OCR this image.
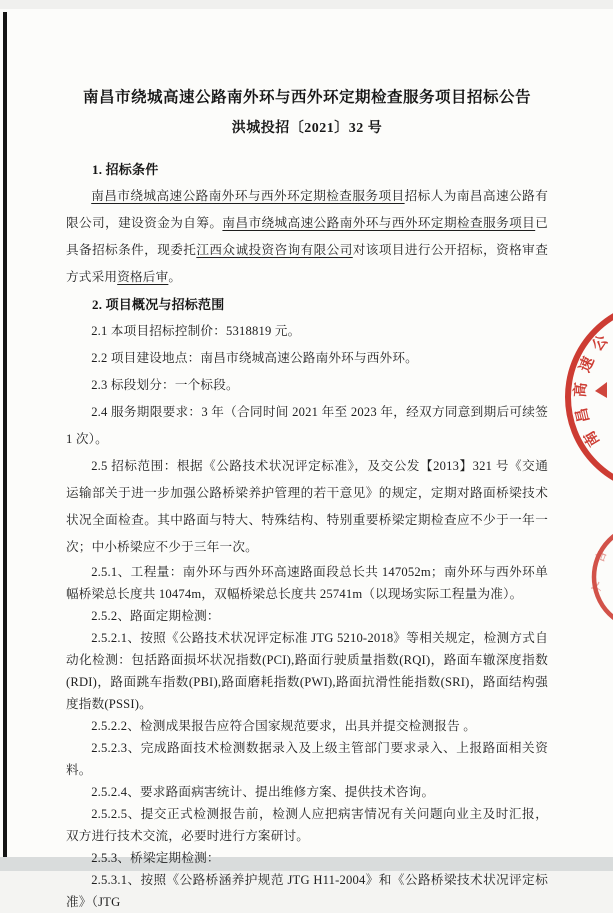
南昌市绕城高速公路南外环与西外环定期检查服务项目招标公告

洪城投招〔2021〕32 号

1. 招标条件

南昌市绕城高速公路南外环与西外环定期检查服务项目招标人为南昌高速公路有限公司，建设资金为自筹。南昌市绕城高速公路南外环与西外环定期检查服务项目已具备招标条件，现委托江西众诚投资咨询有限公司对该项目进行公开招标，资格审查方式采用资格后审。

2. 项目概况与招标范围

2.1 本项目招标控制价：5318819 元。

2.2 项目建设地点：南昌市绕城高速公路南外环与西外环。

2.3 标段划分：一个标段。

2.4 服务期限要求：3 年（合同时间 2021 年至 2023 年，经双方同意到期后可续签 1 次）。

2.5 招标范围：根据《公路技术状况评定标准》，及交公发【2013】321 号《交通运输部关于进一步加强公路桥梁养护管理的若干意见》的规定，定期对路面桥梁技术状况全面检查。其中路面与特大、特殊结构、特别重要桥梁定期检查应不少于一年一次；中小桥梁应不少于三年一次。

2.5.1、工程量：南外环与西外环高速路面段总长共 147052m；南外环与西外环单幅桥梁总长度共 10474m，双幅桥梁总长度共 25741m（以现场实际工程量为准）。

2.5.2、路面定期检测：

2.5.2.1、按照《公路技术状况评定标准 JTG 5210-2018》等相关规定，检测方式自动化检测：包括路面损坏状况指数(PCI),路面行驶质量指数(RQI)，路面车辙深度指数(RDI)，路面跳车指数(PBI),路面磨耗指数(PWI),路面抗滑性能指数(SRI)，路面结构强度指数(PSSI)。

2.5.2.2、检测成果报告应符合国家规范要求，出具并提交检测报告 。

2.5.2.3、完成路面技术检测数据录入及上级主管部门要求录入、上报路面相关资料。

2.5.2.4、要求路面病害统计、提出维修方案、提供技术咨询。

2.5.2.5、提交正式检测报告前，检测人应把病害情况有关问题向业主及时汇报，双方进行技术交流，必要时进行方案研讨。

2.5.3、桥梁定期检测：

2.5.3.1、按照《公路桥涵养护规范 JTG H11-2004》和《公路桥梁技术状况评定标准》（JTG

南
昌
高
速
公
吉
人
